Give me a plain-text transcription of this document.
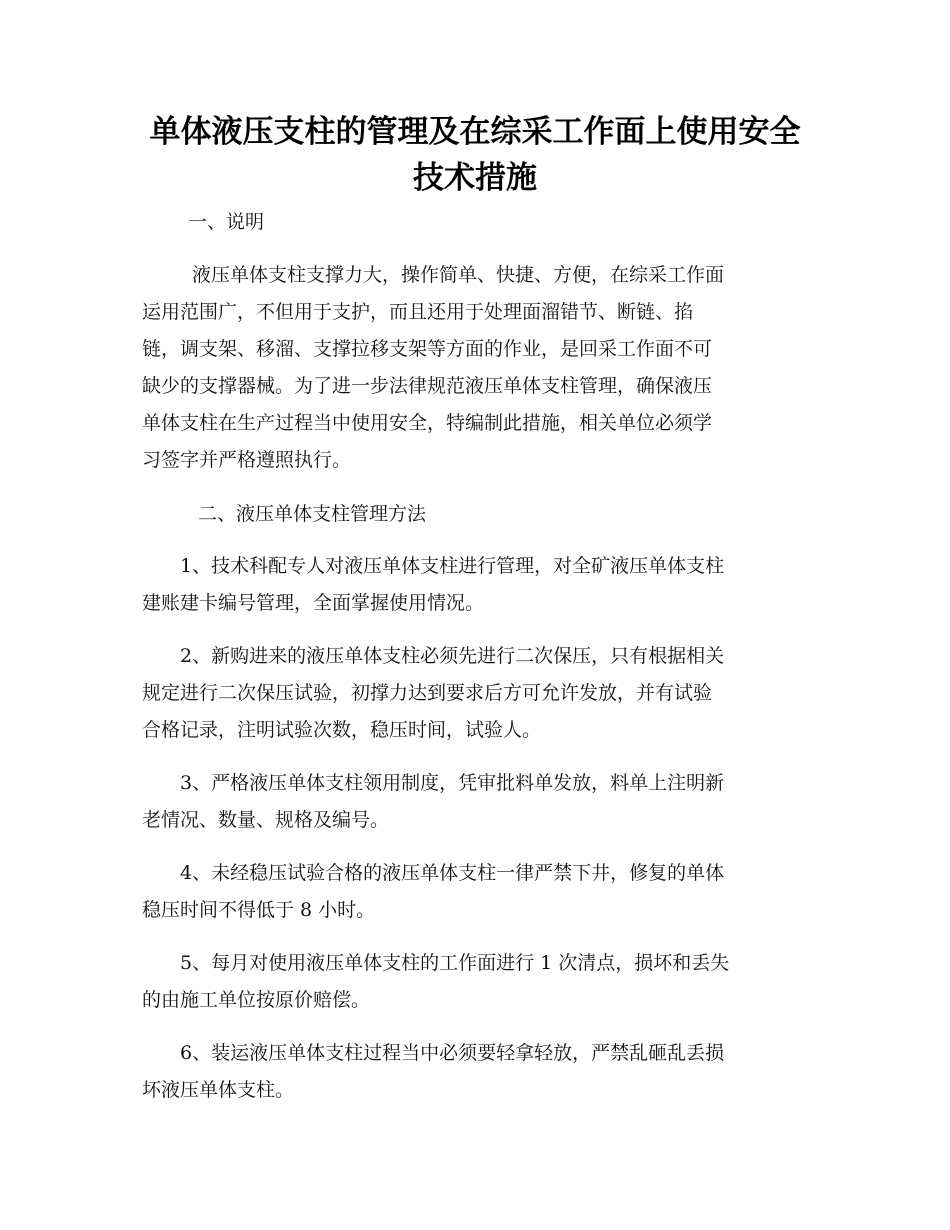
单体液压支柱的管理及在综采工作面上使用安全
技术措施

一、说明

液压单体支柱支撑力大，操作简单、快捷、方便，在综采工作面
运用范围广，不但用于支护，而且还用于处理面溜错节、断链、掐
链，调支架、移溜、支撑拉移支架等方面的作业，是回采工作面不可
缺少的支撑器械。为了进一步法律规范液压单体支柱管理，确保液压
单体支柱在生产过程当中使用安全，特编制此措施，相关单位必须学
习签字并严格遵照执行。

二、液压单体支柱管理方法

1、技术科配专人对液压单体支柱进行管理，对全矿液压单体支柱
建账建卡编号管理，全面掌握使用情况。

2、新购进来的液压单体支柱必须先进行二次保压，只有根据相关
规定进行二次保压试验，初撑力达到要求后方可允许发放，并有试验
合格记录，注明试验次数，稳压时间，试验人。

3、严格液压单体支柱领用制度，凭审批料单发放，料单上注明新
老情况、数量、规格及编号。

4、未经稳压试验合格的液压单体支柱一律严禁下井，修复的单体
稳压时间不得低于 8 小时。

5、每月对使用液压单体支柱的工作面进行 1 次清点，损坏和丢失
的由施工单位按原价赔偿。

6、装运液压单体支柱过程当中必须要轻拿轻放，严禁乱砸乱丢损
坏液压单体支柱。
